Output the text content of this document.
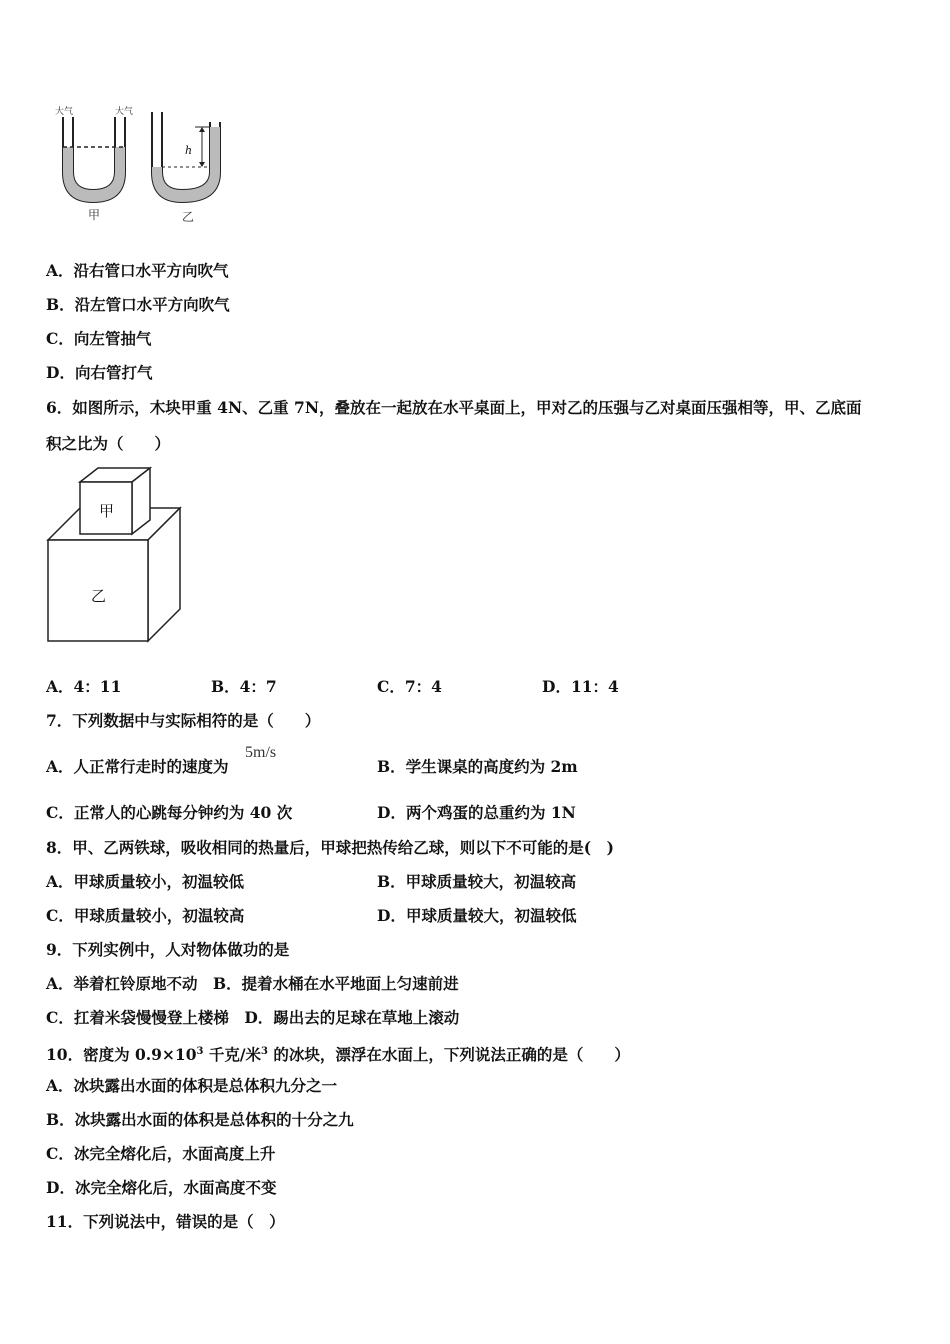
大气	大气
h
甲	乙
A．沿右管口水平方向吹气
B．沿左管口水平方向吹气
C．向左管抽气
D．向右管打气
6．如图所示，木块甲重 4N、乙重 7N，叠放在一起放在水平桌面上，甲对乙的压强与乙对桌面压强相等，甲、乙底面
积之比为（　　）
甲
乙
A．4：11	B．4：7	C．7：4	D．11：4
7．下列数据中与实际相符的是（　　）
A．人正常行走时的速度为
5m/s
B．学生课桌的高度约为 2m
C．正常人的心跳每分钟约为 40 次	D．两个鸡蛋的总重约为 1N
8．甲、乙两铁球，吸收相同的热量后，甲球把热传给乙球，则以下不可能的是(　)
A．甲球质量较小，初温较低	B．甲球质量较大，初温较高
C．甲球质量较小，初温较高	D．甲球质量较大，初温较低
9．下列实例中，人对物体做功的是
A．举着杠铃原地不动　B．提着水桶在水平地面上匀速前进
C．扛着米袋慢慢登上楼梯　D．踢出去的足球在草地上滚动
10．密度为 $0.9\times 10^3$ 千克/米$^3$ 的冰块，漂浮在水面上，下列说法正确的是（　　）
A．冰块露出水面的体积是总体积九分之一
B．冰块露出水面的体积是总体积的十分之九
C．冰完全熔化后，水面高度上升
D．冰完全熔化后，水面高度不变
11．下列说法中，错误的是（　）
